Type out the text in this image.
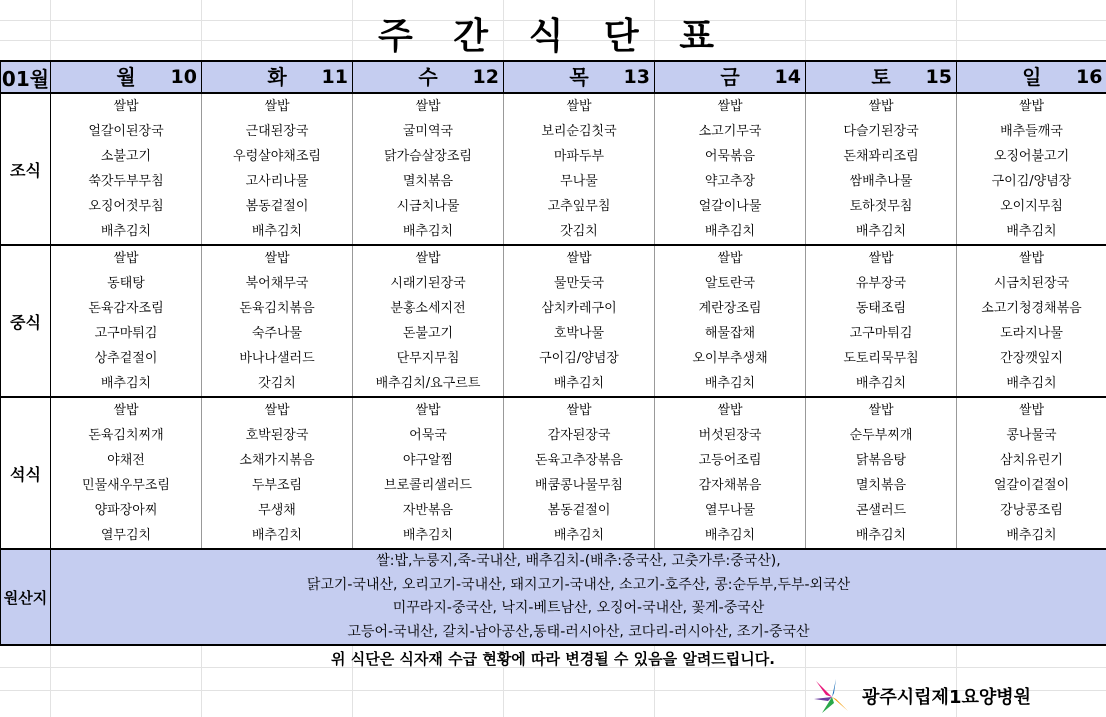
주 간 식 단 표
01월	월 10	화 11	수 12	목 13	금 14	토 15	일 16

조식	쌀밥	쌀밥	쌀밥	쌀밥	쌀밥	쌀밥	쌀밥
	얼갈이된장국	근대된장국	굴미역국	보리순김칫국	소고기무국	다슬기된장국	배추들깨국
	소불고기	우렁살야채조림	닭가슴살장조림	마파두부	어묵볶음	돈채꽈리조림	오징어불고기
	쑥갓두부무침	고사리나물	멸치볶음	무나물	약고추장	쌈배추나물	구이김/양념장
	오징어젓무침	봄동겉절이	시금치나물	고추잎무침	얼갈이나물	토하젓무침	오이지무침
	배추김치	배추김치	배추김치	갓김치	배추김치	배추김치	배추김치
중식	쌀밥	쌀밥	쌀밥	쌀밥	쌀밥	쌀밥	쌀밥
	동태탕	북어채무국	시래기된장국	물만둣국	알토란국	유부장국	시금치된장국
	돈육감자조림	돈육김치볶음	분홍소세지전	삼치카레구이	계란장조림	동태조림	소고기청경채볶음
	고구마튀김	숙주나물	돈불고기	호박나물	해물잡채	고구마튀김	도라지나물
	상추겉절이	바나나샐러드	단무지무침	구이김/양념장	오이부추생채	도토리묵무침	간장깻잎지
	배추김치	갓김치	배추김치/요구르트	배추김치	배추김치	배추김치	배추김치
석식	쌀밥	쌀밥	쌀밥	쌀밥	쌀밥	쌀밥	쌀밥
	돈육김치찌개	호박된장국	어묵국	감자된장국	버섯된장국	순두부찌개	콩나물국
	야채전	소채가지볶음	야구알찜	돈육고추장볶음	고등어조림	닭볶음탕	삼치유린기
	민물새우무조림	두부조림	브로콜리샐러드	배쿰콩나물무침	감자채볶음	멸치볶음	얼갈이겉절이
	양파장아찌	무생채	자반볶음	봄동겉절이	열무나물	콘샐러드	강낭콩조림
	열무김치	배추김치	배추김치	배추김치	배추김치	배추김치	배추김치
원산지	쌀:밥,누룽지,죽-국내산, 배추김치-(배추:중국산, 고춧가루:중국산),
닭고기-국내산, 오리고기-국내산, 돼지고기-국내산, 소고기-호주산, 콩:순두부,두부-외국산
미꾸라지-중국산, 낙지-베트남산, 오징어-국내산, 꽃게-중국산
고등어-국내산, 갈치-남아공산,동태-러시아산, 코다리-러시아산, 조기-중국산						
위 식단은 식자재 수급 현황에 따라 변경될 수 있음을 알려드립니다.
광주시립제1요양병원
